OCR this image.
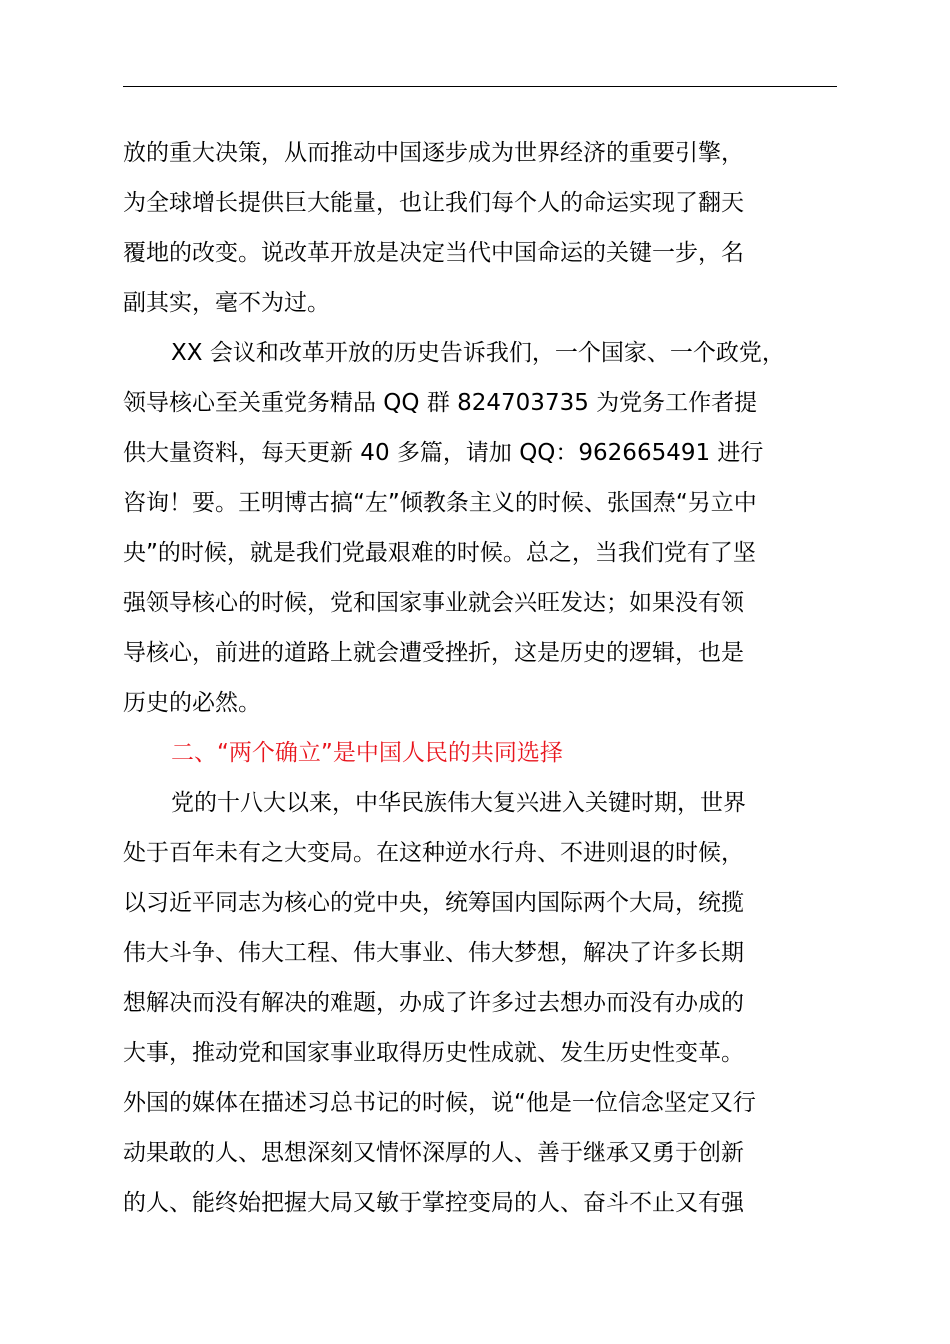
放的重大决策，从而推动中国逐步成为世界经济的重要引擎，
为全球增长提供巨大能量，也让我们每个人的命运实现了翻天
覆地的改变。说改革开放是决定当代中国命运的关键一步，名
副其实，毫不为过。
XX 会议和改革开放的历史告诉我们，一个国家、一个政党，
领导核心至关重党务精品 QQ 群 824703735 为党务工作者提
供大量资料，每天更新 40 多篇，请加 QQ：962665491 进行
咨询！要。王明博古搞“左”倾教条主义的时候、张国焘“另立中
央”的时候，就是我们党最艰难的时候。总之，当我们党有了坚
强领导核心的时候，党和国家事业就会兴旺发达；如果没有领
导核心，前进的道路上就会遭受挫折，这是历史的逻辑，也是
历史的必然。
二、“两个确立”是中国人民的共同选择
党的十八大以来，中华民族伟大复兴进入关键时期，世界
处于百年未有之大变局。在这种逆水行舟、不进则退的时候，
以习近平同志为核心的党中央，统筹国内国际两个大局，统揽
伟大斗争、伟大工程、伟大事业、伟大梦想，解决了许多长期
想解决而没有解决的难题，办成了许多过去想办而没有办成的
大事，推动党和国家事业取得历史性成就、发生历史性变革。
外国的媒体在描述习总书记的时候，说“他是一位信念坚定又行
动果敢的人、思想深刻又情怀深厚的人、善于继承又勇于创新
的人、能终始把握大局又敏于掌控变局的人、奋斗不止又有强
